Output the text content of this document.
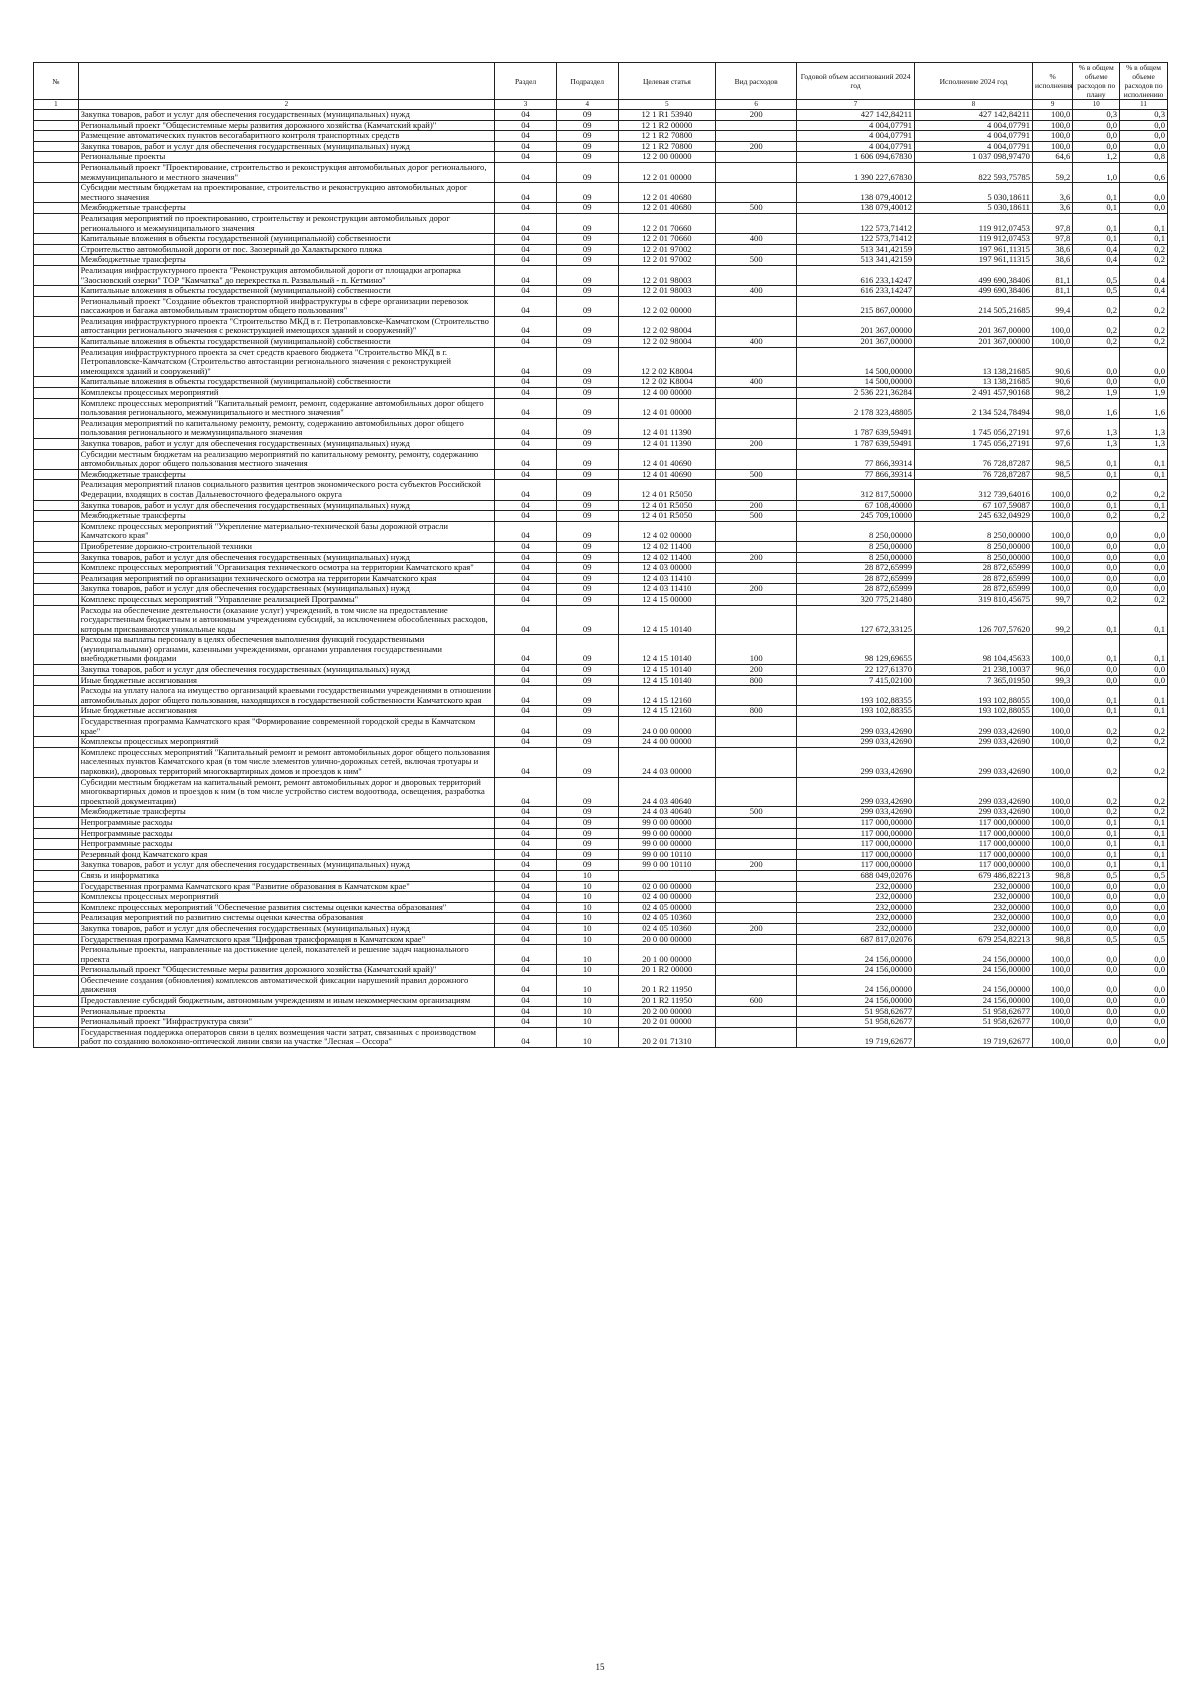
№		Раздел	Подраздел	Целевая статья	Вид расходов	Годовой объем ассигнований 2024 год	Исполнение 2024 год	% исполнения	% в общем объеме расходов по плану	% в общем объеме расходов по исполнению
1	2	3	4	5	6	7	8	9	10	11
	Закупка товаров, работ и услуг для обеспечения государственных (муниципальных) нужд	04	09	12 1 R1 53940	200	427 142,84211	427 142,84211	100,0	0,3	0,3
	Региональный проект "Общесистемные меры развития дорожного хозяйства (Камчатский край)"	04	09	12 1 R2 00000		4 004,07791	4 004,07791	100,0	0,0	0,0
	Размещение автоматических пунктов весогабаритного контроля транспортных средств	04	09	12 1 R2 70800		4 004,07791	4 004,07791	100,0	0,0	0,0
	Закупка товаров, работ и услуг для обеспечения государственных (муниципальных) нужд	04	09	12 1 R2 70800	200	4 004,07791	4 004,07791	100,0	0,0	0,0
	Региональные проекты	04	09	12 2 00 00000		1 606 094,67830	1 037 098,97470	64,6	1,2	0,8
	Региональный проект "Проектирование, строительство и реконструкция автомобильных дорог регионального, межмуниципального и местного значения"	04	09	12 2 01 00000		1 390 227,67830	822 593,75785	59,2	1,0	0,6
	Субсидии местным бюджетам на проектирование, строительство и реконструкцию автомобильных дорог местного значения	04	09	12 2 01 40680		138 079,40012	5 030,18611	3,6	0,1	0,0
	Межбюджетные трансферты	04	09	12 2 01 40680	500	138 079,40012	5 030,18611	3,6	0,1	0,0
	Реализация мероприятий по проектированию, строительству и реконструкции автомобильных дорог регионального и межмуниципального значения	04	09	12 2 01 70660		122 573,71412	119 912,07453	97,8	0,1	0,1
	Капитальные вложения в объекты государственной (муниципальной) собственности	04	09	12 2 01 70660	400	122 573,71412	119 912,07453	97,8	0,1	0,1
	Строительство автомобильной дороги от пос. Заозерный до Халактырского пляжа	04	09	12 2 01 97002		513 341,42159	197 961,11315	38,6	0,4	0,2
	Межбюджетные трансферты	04	09	12 2 01 97002	500	513 341,42159	197 961,11315	38,6	0,4	0,2
	Реализация инфраструктурного проекта "Реконструкция автомобильной дороги от площадки агропарка "Заосновский озерки" ТОР "Камчатка" до перекрестка п. Развальный - п. Кетмино"	04	09	12 2 01 98003		616 233,14247	499 690,38406	81,1	0,5	0,4
	Капитальные вложения в объекты государственной (муниципальной) собственности	04	09	12 2 01 98003	400	616 233,14247	499 690,38406	81,1	0,5	0,4
	Региональный проект "Создание объектов транспортной инфраструктуры в сфере организации перевозок пассажиров и багажа автомобильным транспортом общего пользования"	04	09	12 2 02 00000		215 867,00000	214 505,21685	99,4	0,2	0,2
	Реализация инфраструктурного проекта "Строительство МКД в г. Петропавловске-Камчатском (Строительство автостанции регионального значения с реконструкцией имеющихся зданий и сооружений)"	04	09	12 2 02 98004		201 367,00000	201 367,00000	100,0	0,2	0,2
	Капитальные вложения в объекты государственной (муниципальной) собственности	04	09	12 2 02 98004	400	201 367,00000	201 367,00000	100,0	0,2	0,2
	Реализация инфраструктурного проекта за счет средств краевого бюджета "Строительство МКД в г. Петропавловске-Камчатском (Строительство автостанции регионального значения с реконструкцией имеющихся зданий и сооружений)"	04	09	12 2 02 K8004		14 500,00000	13 138,21685	90,6	0,0	0,0
	Капитальные вложения в объекты государственной (муниципальной) собственности	04	09	12 2 02 K8004	400	14 500,00000	13 138,21685	90,6	0,0	0,0
	Комплексы процессных мероприятий	04	09	12 4 00 00000		2 536 221,36284	2 491 457,90168	98,2	1,9	1,9
	Комплекс процессных мероприятий "Капитальный ремонт, ремонт, содержание автомобильных дорог общего пользования регионального, межмуниципального и местного значения"	04	09	12 4 01 00000		2 178 323,48805	2 134 524,78494	98,0	1,6	1,6
	Реализация мероприятий по капитальному ремонту, ремонту, содержанию автомобильных дорог общего пользования регионального и межмуниципального значения	04	09	12 4 01 11390		1 787 639,59491	1 745 056,27191	97,6	1,3	1,3
	Закупка товаров, работ и услуг для обеспечения государственных (муниципальных) нужд	04	09	12 4 01 11390	200	1 787 639,59491	1 745 056,27191	97,6	1,3	1,3
	Субсидии местным бюджетам на реализацию мероприятий по капитальному ремонту, ремонту, содержанию автомобильных дорог общего пользования местного значения	04	09	12 4 01 40690		77 866,39314	76 728,87287	98,5	0,1	0,1
	Межбюджетные трансферты	04	09	12 4 01 40690	500	77 866,39314	76 728,87287	98,5	0,1	0,1
	Реализация мероприятий планов социального развития центров экономического роста субъектов Российской Федерации, входящих в состав Дальневосточного федерального округа	04	09	12 4 01 R5050		312 817,50000	312 739,64016	100,0	0,2	0,2
	Закупка товаров, работ и услуг для обеспечения государственных (муниципальных) нужд	04	09	12 4 01 R5050	200	67 108,40000	67 107,59087	100,0	0,1	0,1
	Межбюджетные трансферты	04	09	12 4 01 R5050	500	245 709,10000	245 632,04929	100,0	0,2	0,2
	Комплекс процессных мероприятий "Укрепление материально-технической базы дорожной отрасли Камчатского края"	04	09	12 4 02 00000		8 250,00000	8 250,00000	100,0	0,0	0,0
	Приобретение дорожно-строительной техники	04	09	12 4 02 11400		8 250,00000	8 250,00000	100,0	0,0	0,0
	Закупка товаров, работ и услуг для обеспечения государственных (муниципальных) нужд	04	09	12 4 02 11400	200	8 250,00000	8 250,00000	100,0	0,0	0,0
	Комплекс процессных мероприятий "Организация технического осмотра на территории Камчатского края"	04	09	12 4 03 00000		28 872,65999	28 872,65999	100,0	0,0	0,0
	Реализация мероприятий по организации технического осмотра на территории Камчатского края	04	09	12 4 03 11410		28 872,65999	28 872,65999	100,0	0,0	0,0
	Закупка товаров, работ и услуг для обеспечения государственных (муниципальных) нужд	04	09	12 4 03 11410	200	28 872,65999	28 872,65999	100,0	0,0	0,0
	Комплекс процессных мероприятий "Управление реализацией Программы"	04	09	12 4 15 00000		320 775,21480	319 810,45675	99,7	0,2	0,2
	Расходы на обеспечение деятельности (оказание услуг) учреждений, в том числе на предоставление государственным бюджетным и автономным учреждениям субсидий, за исключением обособленных расходов, которым присваиваются уникальные коды	04	09	12 4 15 10140		127 672,33125	126 707,57620	99,2	0,1	0,1
	Расходы на выплаты персоналу в целях обеспечения выполнения функций государственными (муниципальными) органами, казенными учреждениями, органами управления государственными внебюджетными фондами	04	09	12 4 15 10140	100	98 129,69655	98 104,45633	100,0	0,1	0,1
	Закупка товаров, работ и услуг для обеспечения государственных (муниципальных) нужд	04	09	12 4 15 10140	200	22 127,61370	21 238,10037	96,0	0,0	0,0
	Иные бюджетные ассигнования	04	09	12 4 15 10140	800	7 415,02100	7 365,01950	99,3	0,0	0,0
	Расходы на уплату налога на имущество организаций краевыми государственными учреждениями в отношении автомобильных дорог общего пользования, находящихся в государственной собственности Камчатского края	04	09	12 4 15 12160		193 102,88355	193 102,88055	100,0	0,1	0,1
	Иные бюджетные ассигнования	04	09	12 4 15 12160	800	193 102,88355	193 102,88055	100,0	0,1	0,1
	Государственная программа Камчатского края "Формирование современной городской среды в Камчатском крае"	04	09	24 0 00 00000		299 033,42690	299 033,42690	100,0	0,2	0,2
	Комплексы процессных мероприятий	04	09	24 4 00 00000		299 033,42690	299 033,42690	100,0	0,2	0,2
	Комплекс процессных мероприятий "Капитальный ремонт и ремонт автомобильных дорог общего пользования населенных пунктов Камчатского края (в том числе элементов улично-дорожных сетей, включая тротуары и парковки), дворовых территорий многоквартирных домов и проездов к ним"	04	09	24 4 03 00000		299 033,42690	299 033,42690	100,0	0,2	0,2
	Субсидии местным бюджетам на капитальный ремонт, ремонт автомобильных дорог и дворовых территорий многоквартирных домов и проездов к ним (в том числе устройство систем водоотвода, освещения, разработка проектной документации)	04	09	24 4 03 40640		299 033,42690	299 033,42690	100,0	0,2	0,2
	Межбюджетные трансферты	04	09	24 4 03 40640	500	299 033,42690	299 033,42690	100,0	0,2	0,2
	Непрограммные расходы	04	09	99 0 00 00000		117 000,00000	117 000,00000	100,0	0,1	0,1
	Непрограммные расходы	04	09	99 0 00 00000		117 000,00000	117 000,00000	100,0	0,1	0,1
	Непрограммные расходы	04	09	99 0 00 00000		117 000,00000	117 000,00000	100,0	0,1	0,1
	Резервный фонд Камчатского края	04	09	99 0 00 10110		117 000,00000	117 000,00000	100,0	0,1	0,1
	Закупка товаров, работ и услуг для обеспечения государственных (муниципальных) нужд	04	09	99 0 00 10110	200	117 000,00000	117 000,00000	100,0	0,1	0,1
	Связь и информатика	04	10			688 049,02076	679 486,82213	98,8	0,5	0,5
	Государственная программа Камчатского края "Развитие образования в Камчатском крае"	04	10	02 0 00 00000		232,00000	232,00000	100,0	0,0	0,0
	Комплексы процессных мероприятий	04	10	02 4 00 00000		232,00000	232,00000	100,0	0,0	0,0
	Комплекс процессных мероприятий "Обеспечение развития системы оценки качества образования"	04	10	02 4 05 00000		232,00000	232,00000	100,0	0,0	0,0
	Реализация мероприятий по развитию системы оценки качества образования	04	10	02 4 05 10360		232,00000	232,00000	100,0	0,0	0,0
	Закупка товаров, работ и услуг для обеспечения государственных (муниципальных) нужд	04	10	02 4 05 10360	200	232,00000	232,00000	100,0	0,0	0,0
	Государственная программа Камчатского края "Цифровая трансформация в Камчатском крае"	04	10	20 0 00 00000		687 817,02076	679 254,82213	98,8	0,5	0,5
	Региональные проекты, направленные на достижение целей, показателей и решение задач национального проекта	04	10	20 1 00 00000		24 156,00000	24 156,00000	100,0	0,0	0,0
	Региональный проект "Общесистемные меры развития дорожного хозяйства (Камчатский край)"	04	10	20 1 R2 00000		24 156,00000	24 156,00000	100,0	0,0	0,0
	Обеспечение создания (обновления) комплексов автоматической фиксации нарушений правил дорожного движения	04	10	20 1 R2 11950		24 156,00000	24 156,00000	100,0	0,0	0,0
	Предоставление субсидий бюджетным, автономным учреждениям и иным некоммерческим организациям	04	10	20 1 R2 11950	600	24 156,00000	24 156,00000	100,0	0,0	0,0
	Региональные проекты	04	10	20 2 00 00000		51 958,62677	51 958,62677	100,0	0,0	0,0
	Региональный проект "Инфраструктура связи"	04	10	20 2 01 00000		51 958,62677	51 958,62677	100,0	0,0	0,0
	Государственная поддержка операторов связи в целях возмещения части затрат, связанных с производством работ по созданию волоконно-оптической линии связи на участке "Лесная – Оссора"	04	10	20 2 01 71310		19 719,62677	19 719,62677	100,0	0,0	0,0
15
